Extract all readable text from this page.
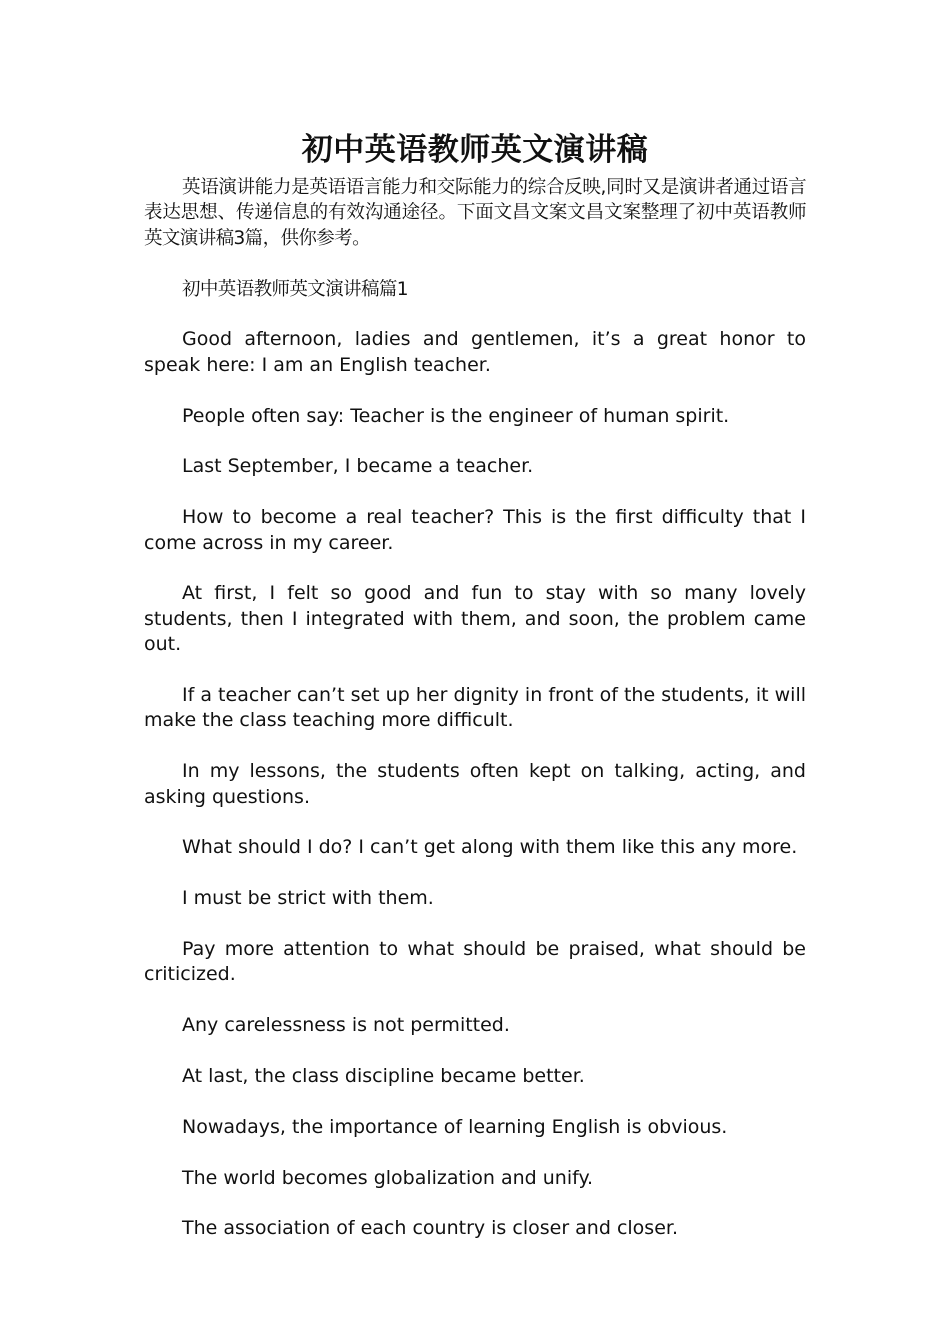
初中英语教师英文演讲稿

英语演讲能力是英语语言能力和交际能力的综合反映,同时又是演讲者通过语言表达思想、传递信息的有效沟通途径。下面文昌文案文昌文案整理了初中英语教师英文演讲稿3篇，供你参考。

初中英语教师英文演讲稿篇1

Good afternoon, ladies and gentlemen, it’s a great honor to speak here: I am an English teacher.

People often say: Teacher is the engineer of human spirit.

Last September, I became a teacher.

How to become a real teacher? This is the first difficulty that I come across in my career.

At first, I felt so good and fun to stay with so many lovely students, then I integrated with them, and soon, the problem came out.

If a teacher can’t set up her dignity in front of the students, it will make the class teaching more difficult.

In my lessons, the students often kept on talking, acting, and asking questions.

What should I do? I can’t get along with them like this any more.

I must be strict with them.

Pay more attention to what should be praised, what should be criticized.

Any carelessness is not permitted.

At last, the class discipline became better.

Nowadays, the importance of learning English is obvious.

The world becomes globalization and unify.

The association of each country is closer and closer.
